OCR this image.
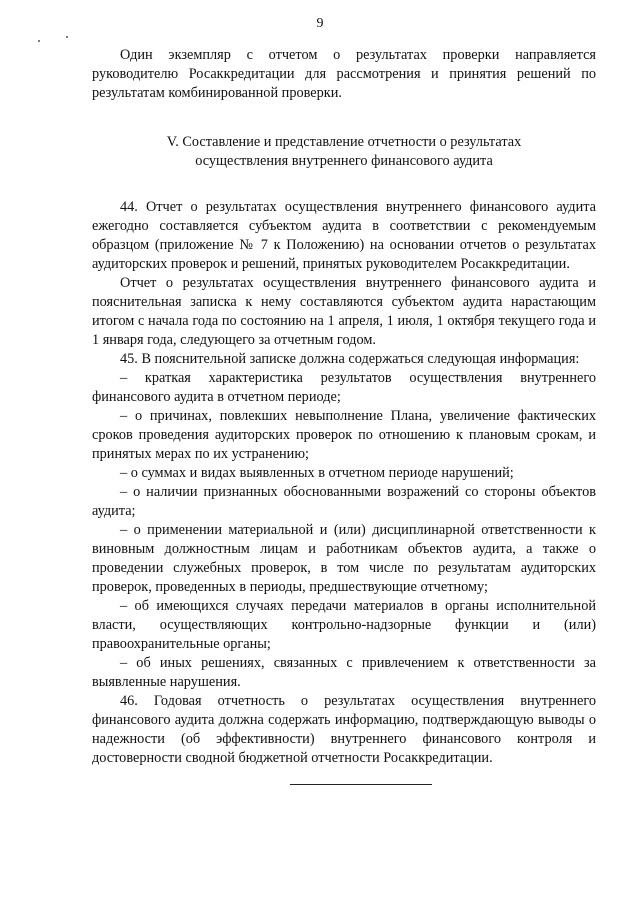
9

Один экземпляр с отчетом о результатах проверки направляется руководителю Росаккредитации для рассмотрения и принятия решений по результатам комбинированной проверки.

V. Составление и представление отчетности о результатах
осуществления внутреннего финансового аудита

44. Отчет о результатах осуществления внутреннего финансового аудита ежегодно составляется субъектом аудита в соответствии с рекомендуемым образцом (приложение № 7 к Положению) на основании отчетов о результатах аудиторских проверок и решений, принятых руководителем Росаккредитации.

Отчет о результатах осуществления внутреннего финансового аудита и пояснительная записка к нему составляются субъектом аудита нарастающим итогом с начала года по состоянию на 1 апреля, 1 июля, 1 октября текущего года и 1 января года, следующего за отчетным годом.

45. В пояснительной записке должна содержаться следующая информация:

– краткая характеристика результатов осуществления внутреннего финансового аудита в отчетном периоде;

– о причинах, повлекших невыполнение Плана, увеличение фактических сроков проведения аудиторских проверок по отношению к плановым срокам, и принятых мерах по их устранению;

– о суммах и видах выявленных в отчетном периоде нарушений;

– о наличии признанных обоснованными возражений со стороны объектов аудита;

– о применении материальной и (или) дисциплинарной ответственности к виновным должностным лицам и работникам объектов аудита, а также о проведении служебных проверок, в том числе по результатам аудиторских проверок, проведенных в периоды, предшествующие отчетному;

– об имеющихся случаях передачи материалов в органы исполнительной власти, осуществляющих контрольно-надзорные функции и (или) правоохранительные органы;

– об иных решениях, связанных с привлечением к ответственности за выявленные нарушения.

46. Годовая отчетность о результатах осуществления внутреннего финансового аудита должна содержать информацию, подтверждающую выводы о надежности (об эффективности) внутреннего финансового контроля и достоверности сводной бюджетной отчетности Росаккредитации.
